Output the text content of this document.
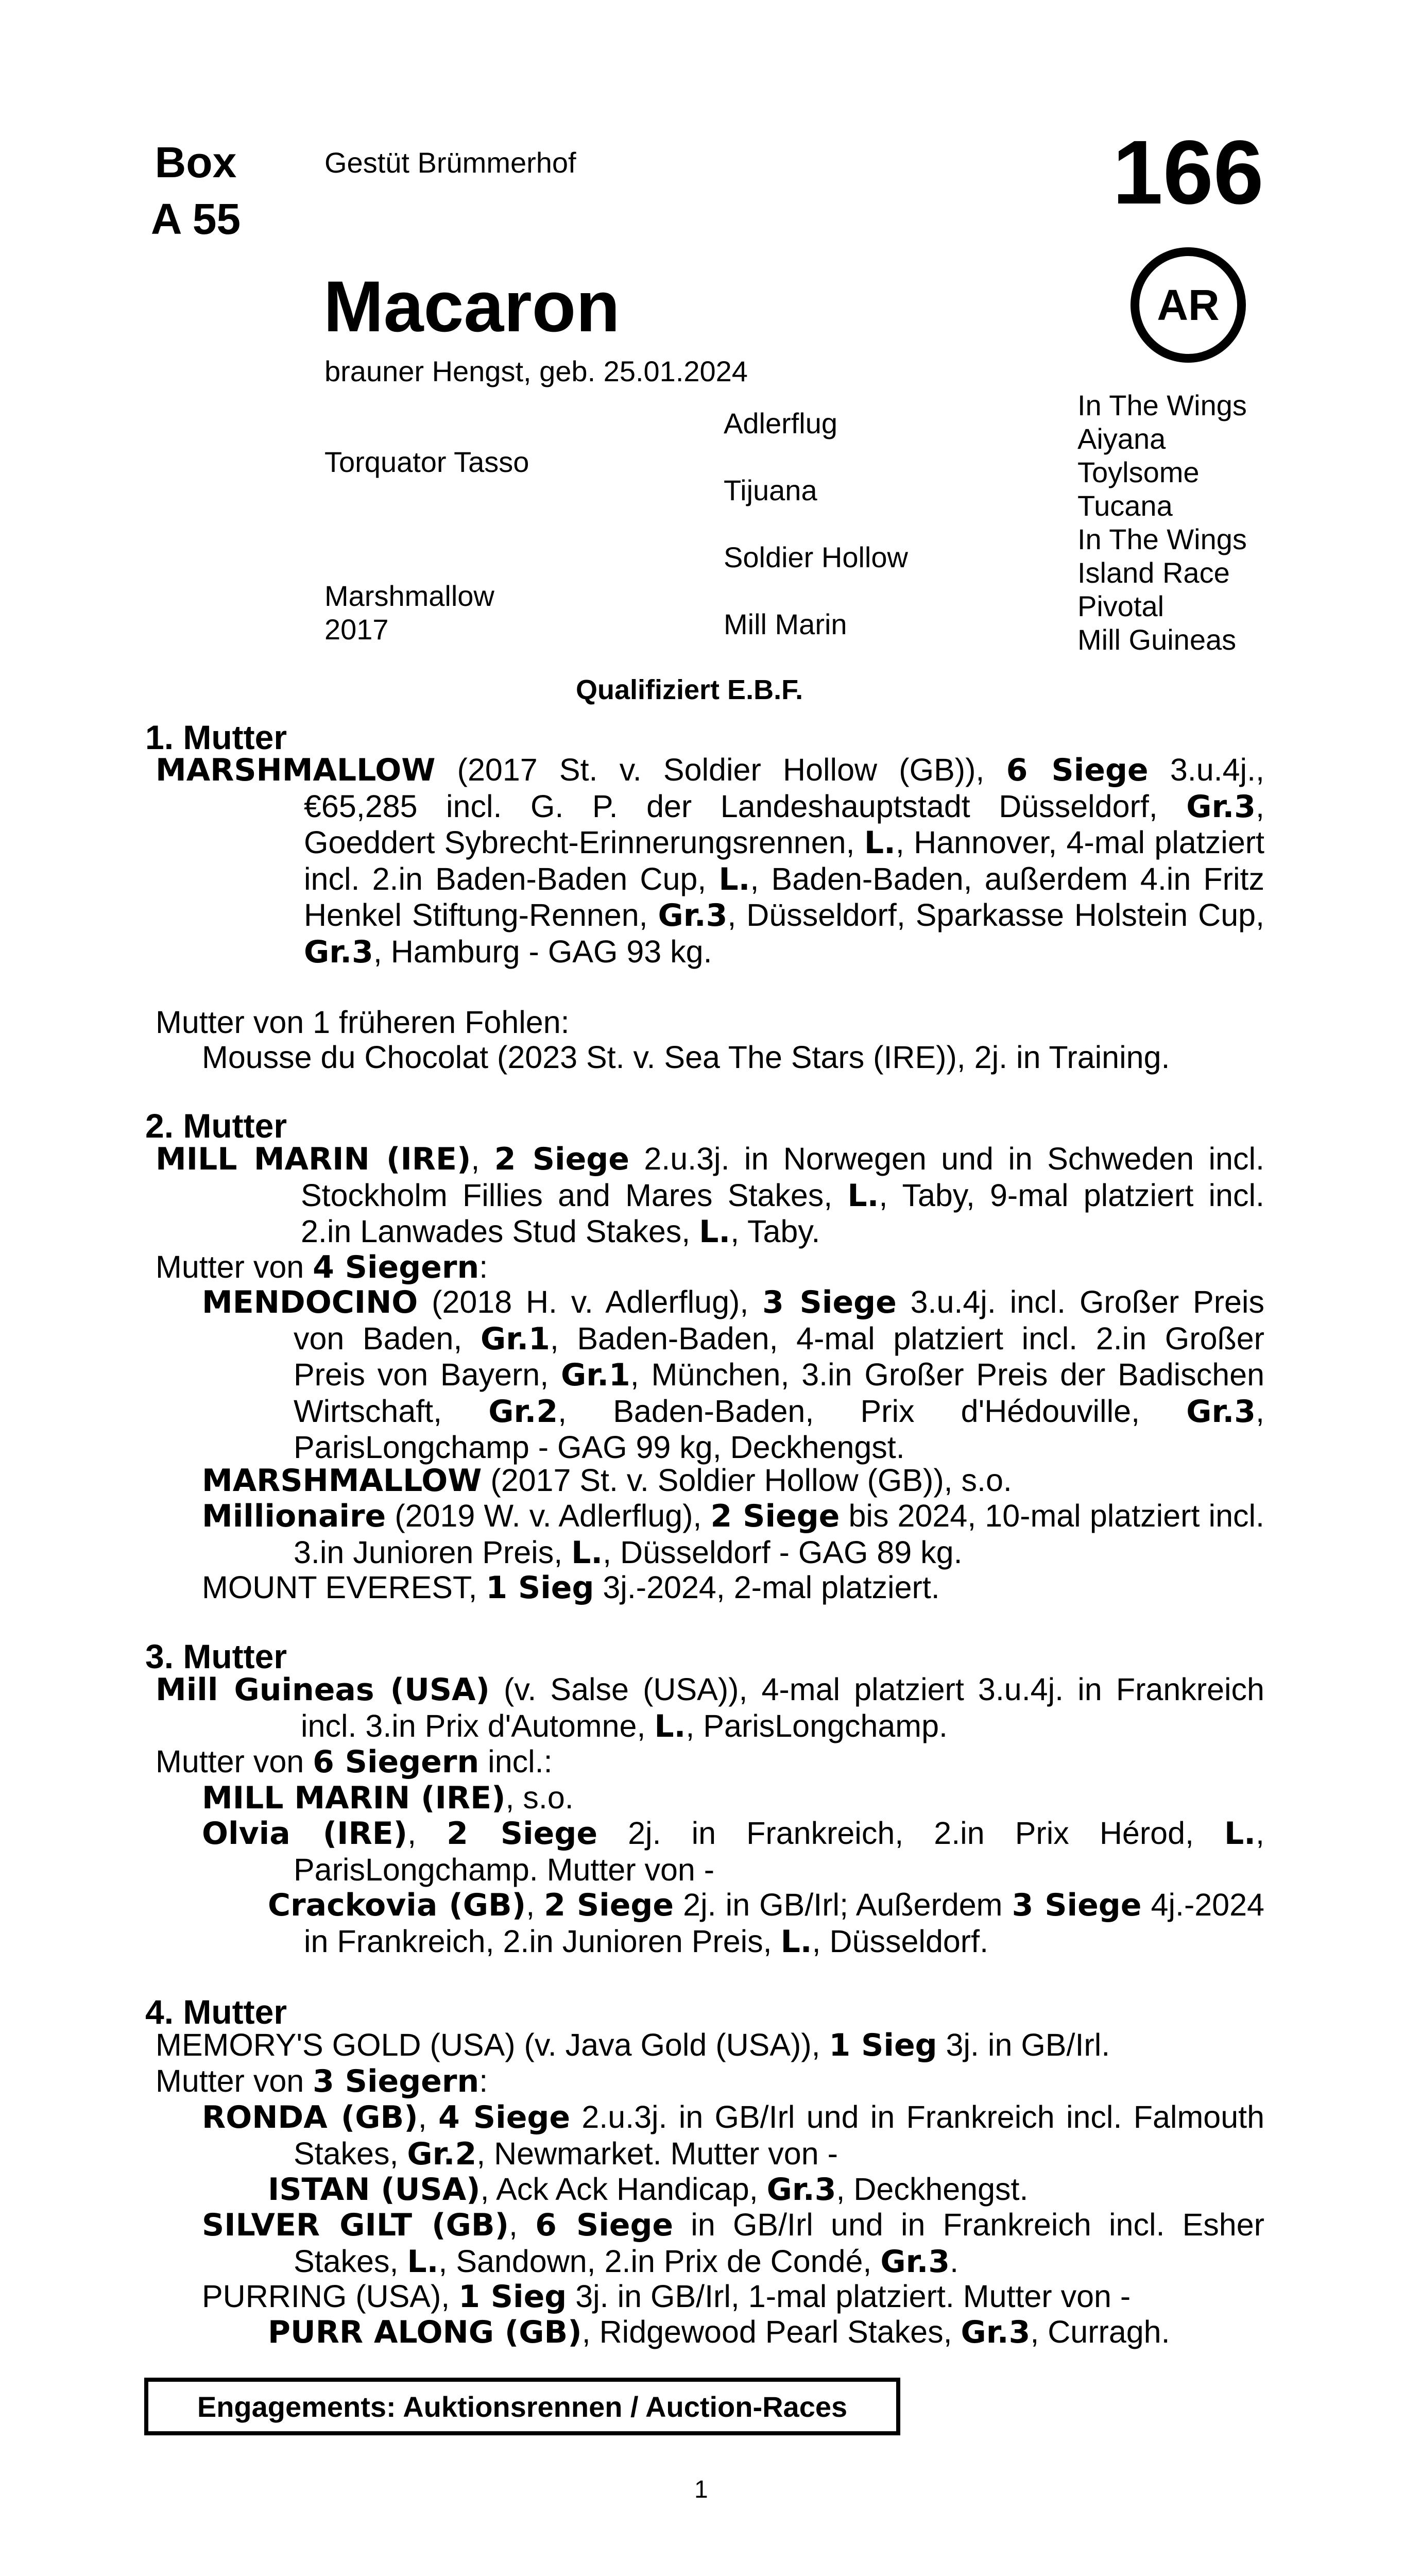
Box
A 55
Gestüt Brümmerhof	166
AR
Macaron
brauner Hengst, geb. 25.01.2024
Torquator Tasso
Marshmallow
2017
Adlerflug
Tijuana
Soldier Hollow
Mill Marin
In The Wings
Aiyana
Toylsome
Tucana
In The Wings
Island Race
Pivotal
Mill Guineas
Qualifiziert E.B.F.
1. Mutter
MARSHMALLOW (2017 St. v. Soldier Hollow (GB)), 6 Siege 3.u.4j., €65,285 incl. G. P. der Landeshauptstadt Düsseldorf, Gr.3, Goeddert Sybrecht-Erinnerungsrennen, L., Hannover, 4-mal platziert incl. 2.in Baden-Baden Cup, L., Baden-Baden, außerdem 4.in Fritz Henkel Stiftung-Rennen, Gr.3, Düsseldorf, Sparkasse Holstein Cup, Gr.3, Hamburg - GAG 93 kg.
Mutter von 1 früheren Fohlen:
Mousse du Chocolat (2023 St. v. Sea The Stars (IRE)), 2j. in Training.
2. Mutter
MILL MARIN (IRE), 2 Siege 2.u.3j. in Norwegen und in Schweden incl. Stockholm Fillies and Mares Stakes, L., Taby, 9-mal platziert incl. 2.in Lanwades Stud Stakes, L., Taby.
Mutter von 4 Siegern:
MENDOCINO (2018 H. v. Adlerflug), 3 Siege 3.u.4j. incl. Großer Preis von Baden, Gr.1, Baden-Baden, 4-mal platziert incl. 2.in Großer Preis von Bayern, Gr.1, München, 3.in Großer Preis der Badischen Wirtschaft, Gr.2, Baden-Baden, Prix d'Hédouville, Gr.3, ParisLongchamp - GAG 99 kg, Deckhengst.
MARSHMALLOW (2017 St. v. Soldier Hollow (GB)), s.o.
Millionaire (2019 W. v. Adlerflug), 2 Siege bis 2024, 10-mal platziert incl. 3.in Junioren Preis, L., Düsseldorf - GAG 89 kg.
MOUNT EVEREST, 1 Sieg 3j.-2024, 2-mal platziert.
3. Mutter
Mill Guineas (USA) (v. Salse (USA)), 4-mal platziert 3.u.4j. in Frankreich incl. 3.in Prix d'Automne, L., ParisLongchamp.
Mutter von 6 Siegern incl.:
MILL MARIN (IRE), s.o.
Olvia (IRE), 2 Siege 2j. in Frankreich, 2.in Prix Hérod, L., ParisLongchamp. Mutter von -
Crackovia (GB), 2 Siege 2j. in GB/Irl; Außerdem 3 Siege 4j.-2024 in Frankreich, 2.in Junioren Preis, L., Düsseldorf.
4. Mutter
MEMORY'S GOLD (USA) (v. Java Gold (USA)), 1 Sieg 3j. in GB/Irl.
Mutter von 3 Siegern:
RONDA (GB), 4 Siege 2.u.3j. in GB/Irl und in Frankreich incl. Falmouth Stakes, Gr.2, Newmarket. Mutter von -
ISTAN (USA), Ack Ack Handicap, Gr.3, Deckhengst.
SILVER GILT (GB), 6 Siege in GB/Irl und in Frankreich incl. Esher Stakes, L., Sandown, 2.in Prix de Condé, Gr.3.
PURRING (USA), 1 Sieg 3j. in GB/Irl, 1-mal platziert. Mutter von -
PURR ALONG (GB), Ridgewood Pearl Stakes, Gr.3, Curragh.
Engagements: Auktionsrennen / Auction-Races
1
